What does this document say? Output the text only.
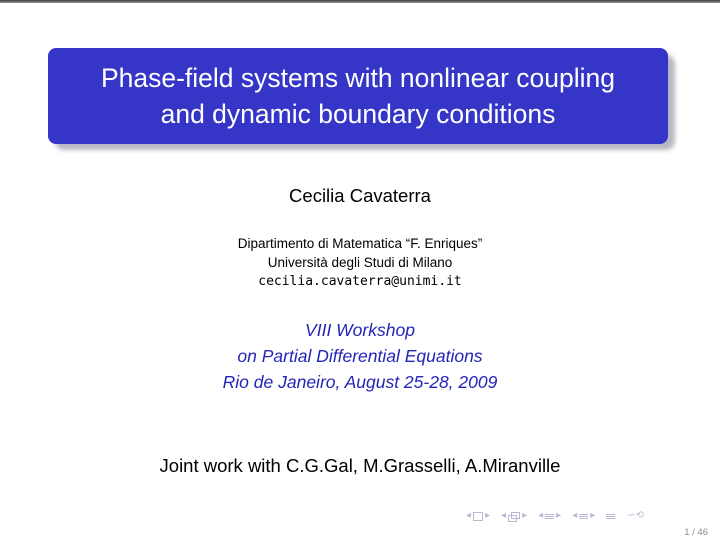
Phase-field systems with nonlinear coupling
and dynamic boundary conditions
Cecilia Cavaterra
Dipartimento di Matematica “F. Enriques”
Università degli Studi di Milano
cecilia.cavaterra@unimi.it
VIII Workshop
on Partial Differential Equations
Rio de Janeiro, August 25-28, 2009
Joint work with C.G.Gal, M.Grasselli, A.Miranville
◂ ▸ ◂ ▸ ◂ ▸ ◂ ▸	∽⟲
1 / 46
